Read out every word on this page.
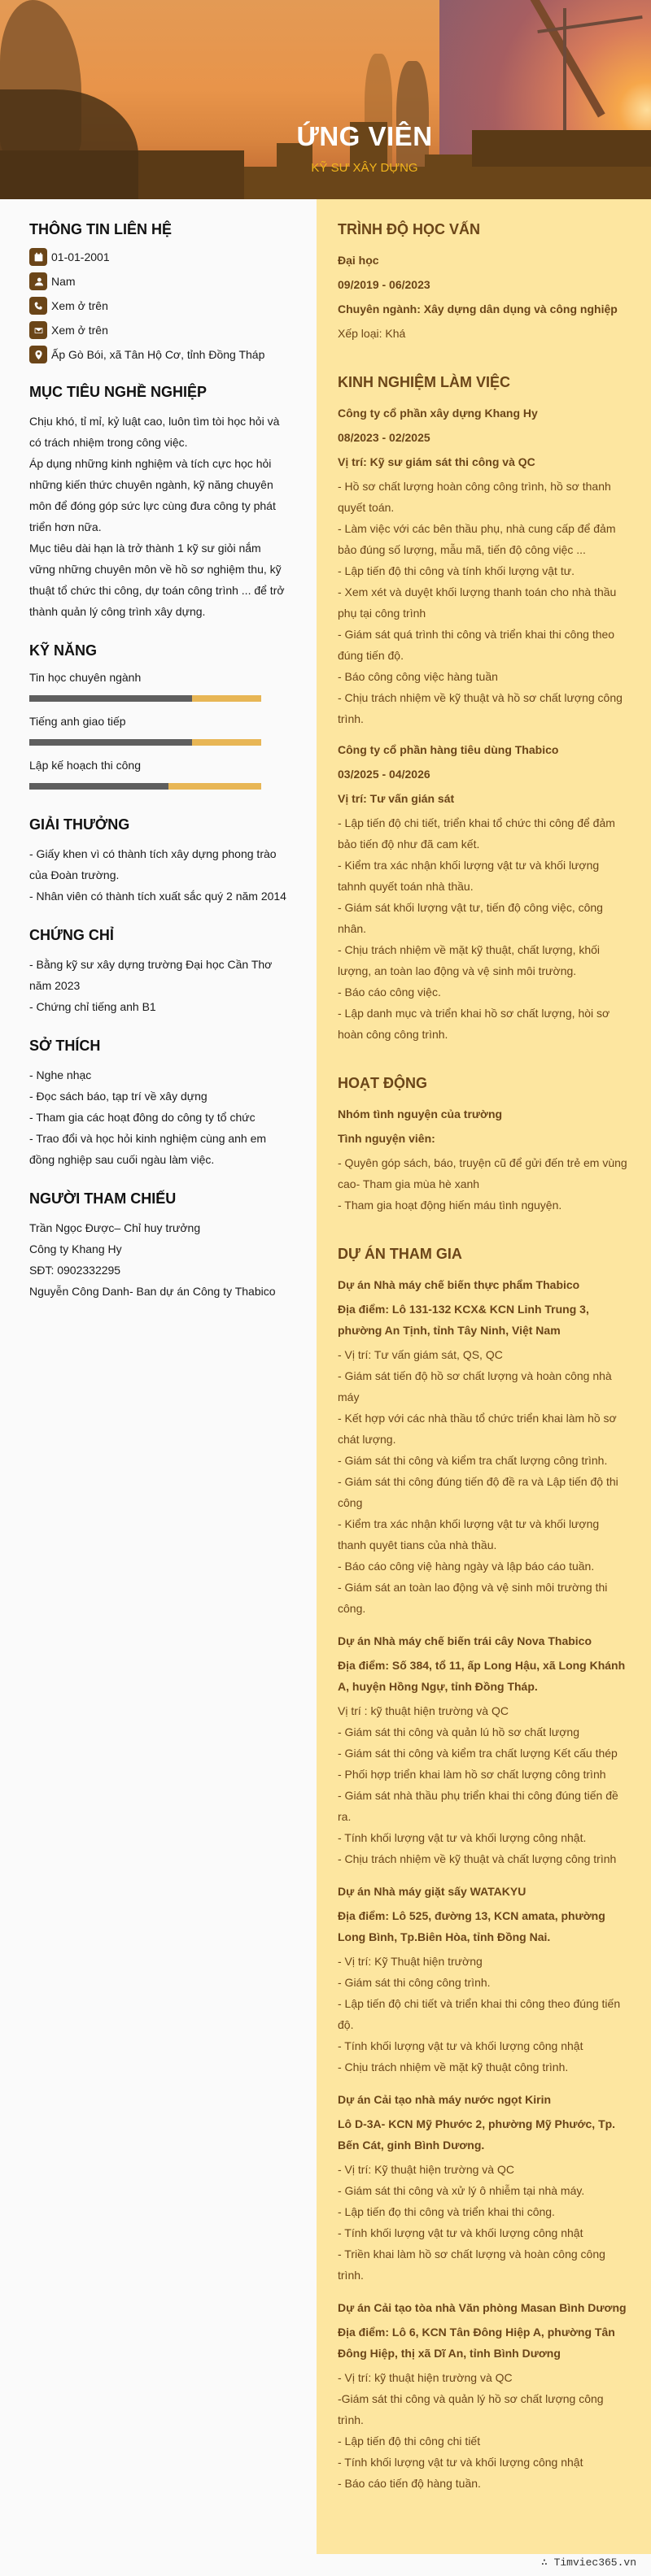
ỨNG VIÊN
KỸ SƯ XÂY DỰNG
THÔNG TIN LIÊN HỆ
01-01-2001
Nam
Xem ở trên
Xem ở trên
Ấp Gò Bói, xã Tân Hộ Cơ, tỉnh Đồng Tháp
MỤC TIÊU NGHỀ NGHIỆP
Chịu khó, tỉ mỉ, kỷ luật cao, luôn tìm tòi học hỏi và có trách nhiệm trong công việc.
Áp dụng những kinh nghiệm và tích cực học hỏi những kiến thức chuyên ngành, kỹ năng chuyên môn để đóng góp sức lực cùng đưa công ty phát triển hơn nữa.
Mục tiêu dài hạn là trở thành 1 kỹ sư giỏi nắm vững những chuyên môn về hồ sơ nghiệm thu, kỹ thuật tổ chức thi công, dự toán công trình ... để trở thành quản lý công trình xây dựng.
KỸ NĂNG
Tin học chuyên ngành
Tiếng anh giao tiếp
Lập kế hoạch thi công
GIẢI THƯỞNG
- Giấy khen vì có thành tích xây dựng phong trào của Đoàn trường.
- Nhân viên có thành tích xuất sắc quý 2 năm 2014
CHỨNG CHỈ
- Bằng kỹ sư xây dựng trường Đại học Cần Thơ năm 2023
- Chứng chỉ tiếng anh B1
SỞ THÍCH
- Nghe nhạc
- Đọc sách báo, tạp trí về xây dựng
- Tham gia các hoạt đông do công ty tổ chức
- Trao đổi và học hỏi kinh nghiệm cùng anh em đồng nghiệp sau cuối ngàu làm việc.
NGƯỜI THAM CHIẾU
Trần Ngọc Được– Chỉ huy trưởng
Công ty Khang Hy
SĐT: 0902332295
Nguyễn Công Danh- Ban dự án Công ty Thabico
TRÌNH ĐỘ HỌC VẤN
Đại học
09/2019 - 06/2023
Chuyên ngành: Xây dựng dân dụng và công nghiệp
Xếp loại: Khá
KINH NGHIỆM LÀM VIỆC
Công ty cổ phần xây dựng Khang Hy
08/2023 - 02/2025
Vị trí: Kỹ sư giám sát thi công và QC
- Hồ sơ chất lượng hoàn công công trình, hồ sơ thanh quyết toán.
- Làm việc với các bên thầu phụ, nhà cung cấp để đảm bảo đúng số lượng, mẫu mã, tiến độ công việc ...
- Lập tiến độ thi công và tính khối lượng vật tư.
- Xem xét và duyệt khối lượng thanh toán cho nhà thầu phụ tại công trình
- Giám sát quá trình thi công và triển khai thi công theo đúng tiến độ.
- Báo công công việc hàng tuần
- Chịu trách nhiệm về kỹ thuật và hồ sơ chất lượng công trình.
Công ty cổ phần hàng tiêu dùng Thabico
03/2025 - 04/2026
Vị trí: Tư vấn gián sát
- Lập tiến độ chi tiết, triển khai tổ chức thi công để đảm bảo tiến độ như đã cam kết.
- Kiểm tra xác nhận khối lượng vật tư và khối lượng tahnh quyết toán nhà thầu.
- Giám sát khối lượng vật tư, tiến độ công việc, công nhân.
- Chịu trách nhiệm về mặt kỹ thuật, chất lượng, khối lượng, an toàn lao động và vệ sinh môi trường.
- Báo cáo công việc.
- Lập danh mục và triển khai hồ sơ chất lượng, hòi sơ hoàn công công trình.
HOẠT ĐỘNG
Nhóm tình nguyện của trường
Tình nguyện viên:
- Quyên góp sách, báo, truyện cũ để gửi đến trẻ em vùng cao- Tham gia mùa hè xanh
- Tham gia hoạt động hiến máu tình nguyện.
DỰ ÁN THAM GIA
Dự án Nhà máy chế biến thực phẩm Thabico
Địa điểm: Lô 131-132 KCX& KCN Linh Trung 3, phường An Tịnh, tỉnh Tây Ninh, Việt Nam
- Vị trí: Tư vấn giám sát, QS, QC
- Giám sát tiến độ hồ sơ chất lượng và hoàn công nhà máy
- Kết hợp với các nhà thầu tổ chức triển khai làm hồ sơ chát lượng.
- Giám sát thi công và kiểm tra chất lượng công trình.
- Giám sát thi công đúng tiến độ đề ra và Lập tiến độ thi công
- Kiểm tra xác nhận khối lượng vật tư và khối lượng thanh quyêt tians của nhà thầu.
- Báo cáo công việ hàng ngày và lập báo cáo tuần.
- Giám sát an toàn lao động và vệ sinh môi trường thi công.
Dự án Nhà máy chế biến trái cây Nova Thabico
Địa điểm: Số 384, tổ 11, ấp Long Hậu, xã Long Khánh A, huyện Hồng Ngự, tỉnh Đồng Tháp.
Vị trí : kỹ thuật hiện trường và QC
- Giám sát thi công và quản lú hồ sơ chất lượng
- Giám sát thi công và kiểm tra chất lượng Kết cấu thép
- Phối hợp triển khai làm hồ sơ chất lượng công trình
- Giám sát nhà thầu phụ triển khai thi công đúng tiến đề ra.
- Tính khối lượng vật tư và khối lượng công nhật.
- Chịu trách nhiệm về kỹ thuật và chất lượng công trình
Dự án Nhà máy giặt sấy WATAKYU
Địa điểm: Lô 525, đường 13, KCN amata, phường Long Bình, Tp.Biên Hòa, tỉnh Đồng Nai.
- Vị trí: Kỹ Thuật hiện trường
- Giám sát thi công công trình.
- Lập tiến độ chi tiết và triển khai thi công theo đúng tiến độ.
- Tính khối lượng vật tư và khối lượng công nhật
- Chịu trách nhiệm về mặt kỹ thuật công trình.
Dự án Cải tạo nhà máy nước ngọt Kirin
Lô D-3A- KCN Mỹ Phước 2, phường Mỹ Phước, Tp. Bến Cát, ginh Bình Dương.
- Vị trí: Kỹ thuật hiện trường và QC
- Giám sát thi công và xử lý ô nhiễm tại nhà máy.
- Lập tiến đọ thi công và triển khai thi công.
- Tính khối lượng vật tư và khối lượng công nhật
- Triền khai làm hồ sơ chất lượng và hoàn công công trình.
Dự án Cải tạo tòa nhà Văn phòng Masan Bình Dương
Địa điểm: Lô 6, KCN Tân Đông Hiệp A, phường Tân Đông Hiệp, thị xã Dĩ An, tỉnh Bình Dương
- Vị trí: kỹ thuật hiện trường và QC
-Giám sát thi công và quản lý hồ sơ chất lượng công trình.
- Lập tiến độ thi công chi tiết
- Tính khối lượng vật tư và khối lượng công nhật
- Báo cáo tiến độ hàng tuần.
∴ Timviec365.vn
